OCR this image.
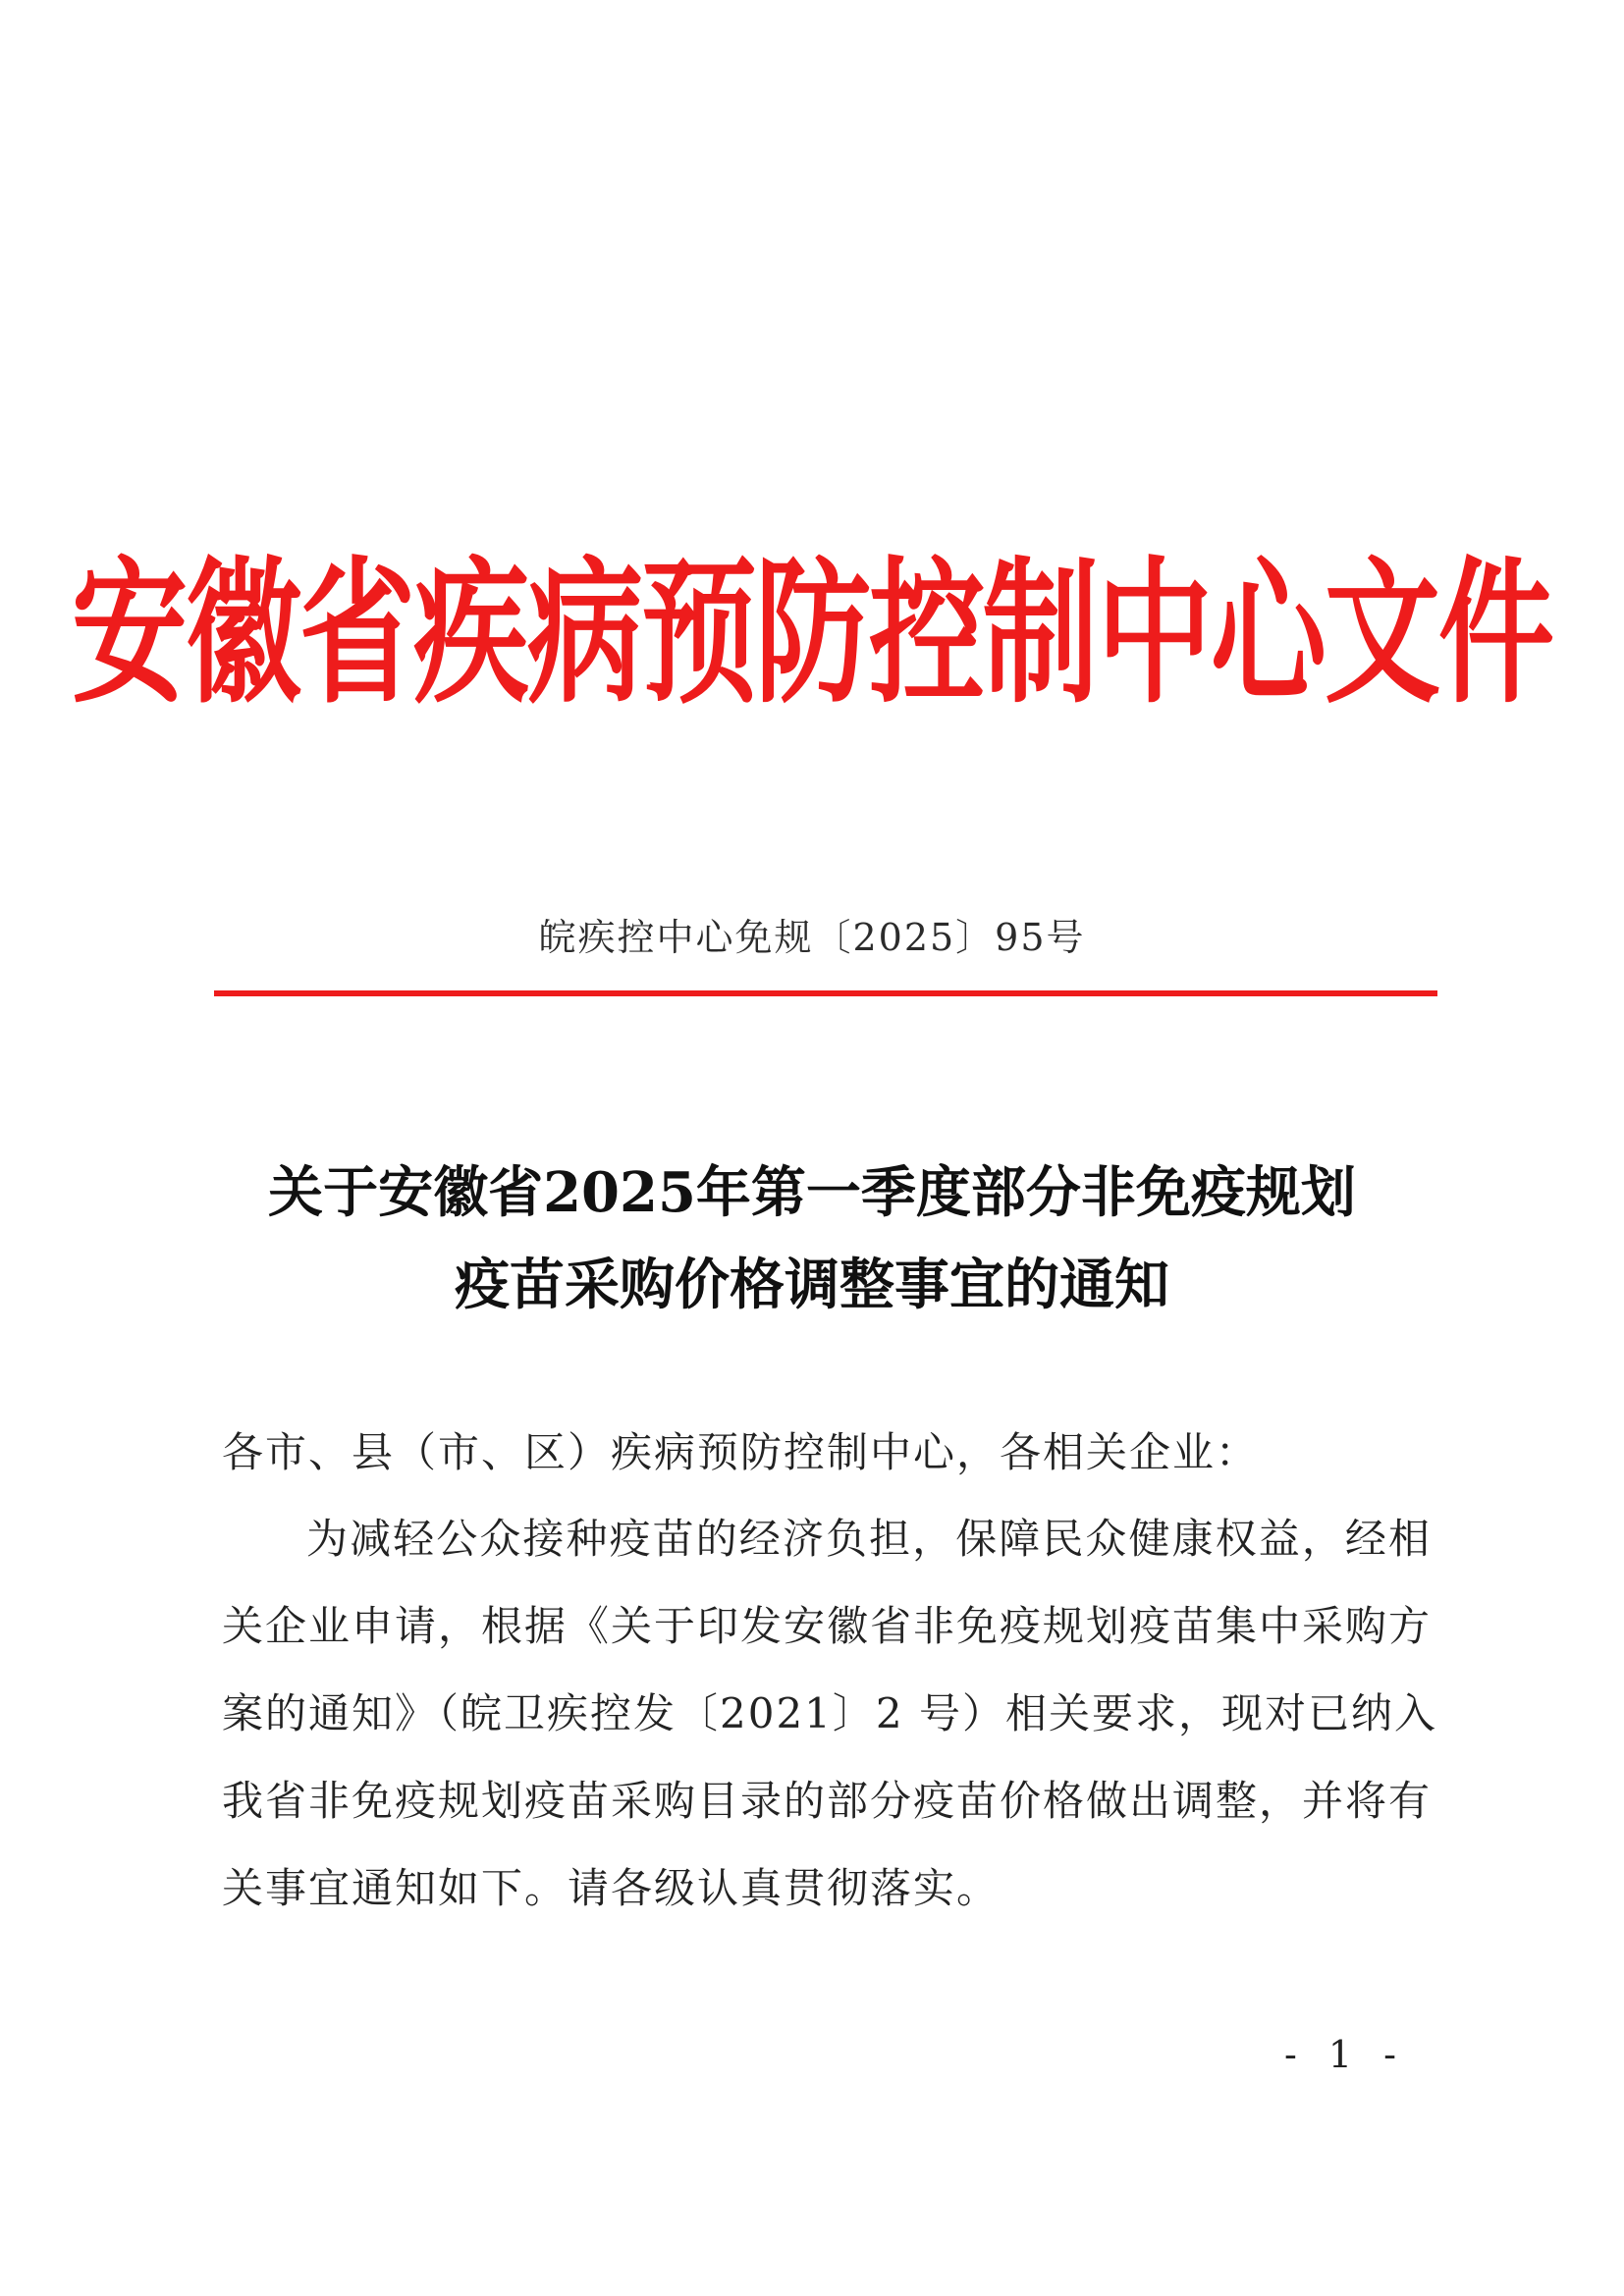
安徽省疾病预防控制中心文件
皖疾控中心免规〔2025〕95号
关于安徽省2025年第一季度部分非免疫规划
疫苗采购价格调整事宜的通知
各市、县（市、区）疾病预防控制中心，各相关企业：
为减轻公众接种疫苗的经济负担，保障民众健康权益，经相
关企业申请，根据《关于印发安徽省非免疫规划疫苗集中采购方
案的通知》（皖卫疾控发〔2021〕2 号）相关要求，现对已纳入
我省非免疫规划疫苗采购目录的部分疫苗价格做出调整，并将有
关事宜通知如下。请各级认真贯彻落实。
- 1 -
